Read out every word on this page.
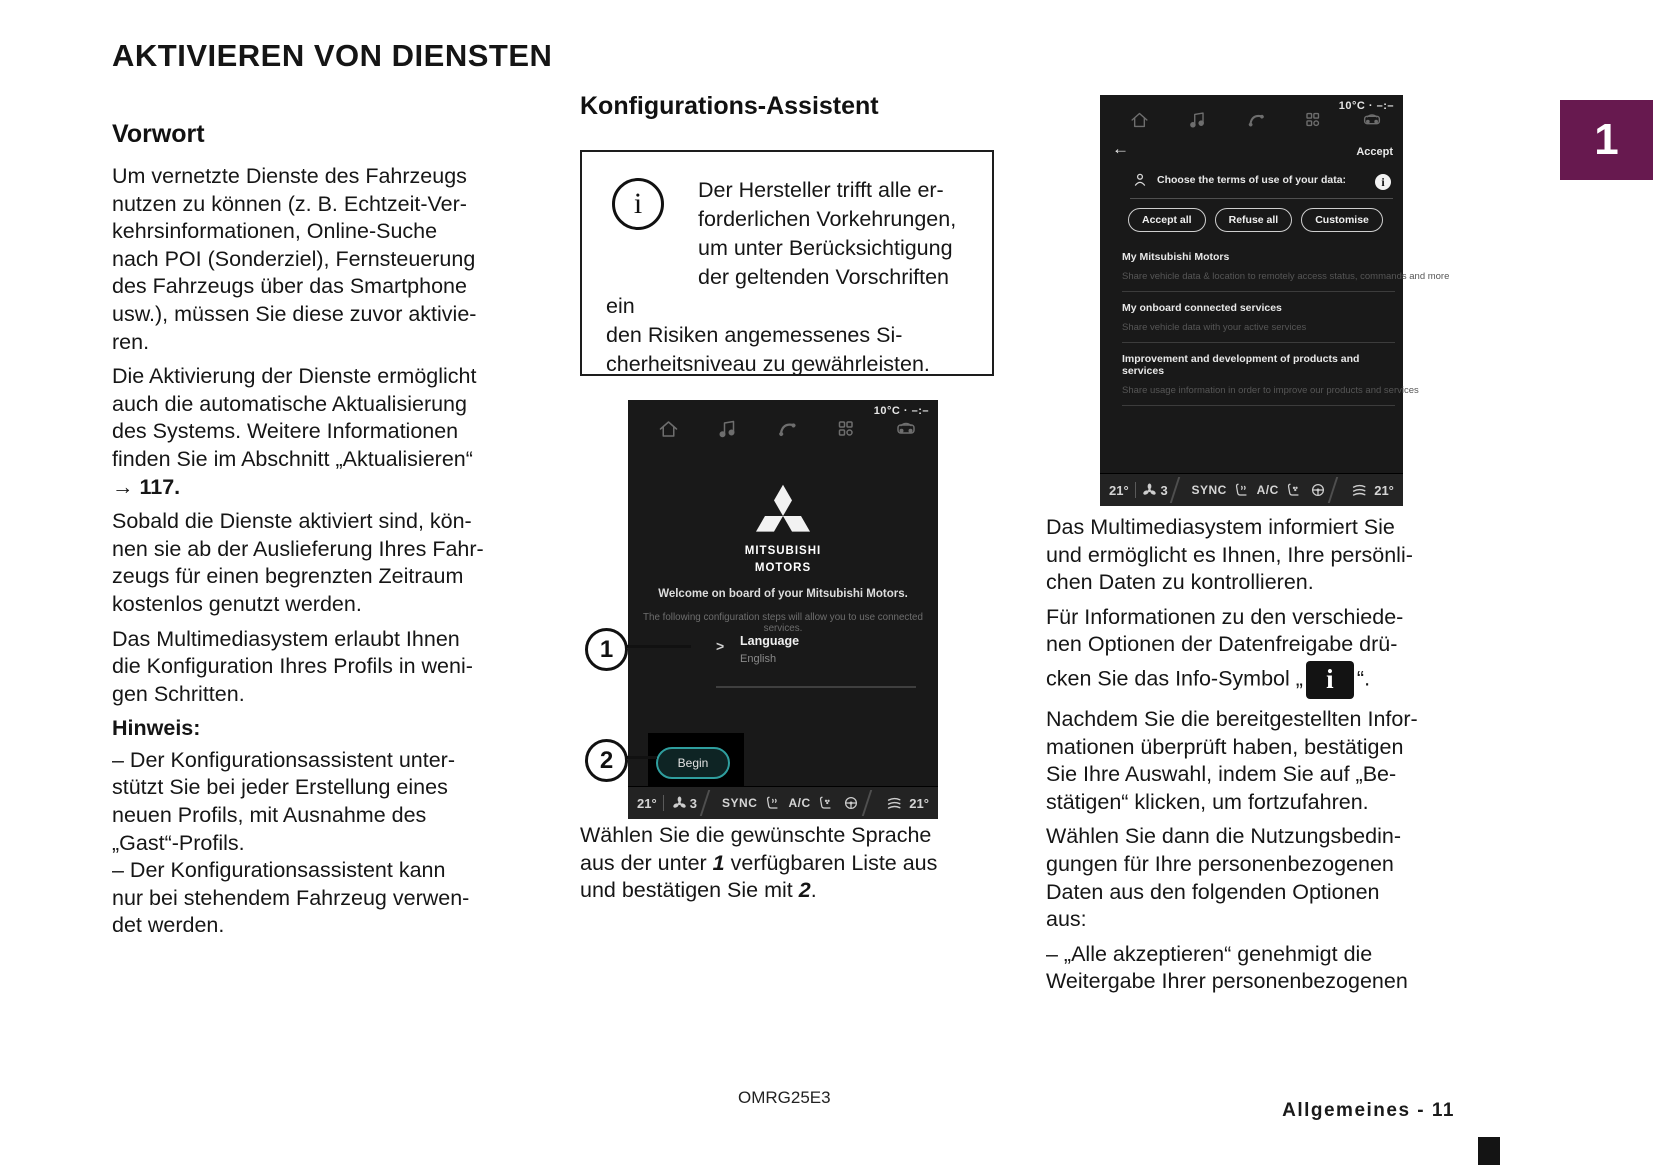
AKTIVIEREN VON DIENSTEN
1
Vorwort

Um vernetzte Dienste des Fahrzeugs
nutzen zu können (z. B. Echtzeit-Ver-
kehrsinformationen, Online-Suche
nach POI (Sonderziel), Fernsteuerung
des Fahrzeugs über das Smartphone
usw.), müssen Sie diese zuvor aktivie-
ren.

Die Aktivierung der Dienste ermöglicht
auch die automatische Aktualisierung
des Systems. Weitere Informationen
finden Sie im Abschnitt „Aktualisieren“
→ 117.

Sobald die Dienste aktiviert sind, kön-
nen sie ab der Auslieferung Ihres Fahr-
zeugs für einen begrenzten Zeitraum
kostenlos genutzt werden.

Das Multimediasystem erlaubt Ihnen
die Konfiguration Ihres Profils in weni-
gen Schritten.

Hinweis:

– Der Konfigurationsassistent unter-
stützt Sie bei jeder Erstellung eines
neuen Profils, mit Ausnahme des
„Gast“-Profils.

– Der Konfigurationsassistent kann
nur bei stehendem Fahrzeug verwen-
det werden.

Konfigurations-Assistent
i	Der Hersteller trifft alle er-
forderlichen Vorkehrungen,
um unter Berücksichtigung
der geltenden Vorschriften ein
den Risiken angemessenes Si-
cherheitsniveau zu gewährleisten.
10°C · –:–
MITSUBISHI
MOTORS
Welcome on board of your Mitsubishi Motors.
The following configuration steps will allow you to use connected services.
> Language
English
Begin
21°	3 SYNC	A/C	21°
1
2
Wählen Sie die gewünschte Sprache
aus der unter 1 verfügbaren Liste aus
und bestätigen Sie mit 2.
10°C · –:–
←	Accept
Choose the terms of use of your data:	i
Accept all	Refuse all	Customise
My Mitsubishi Motors
Share vehicle data & location to remotely access status, commands and more
My onboard connected services
Share vehicle data with your active services
Improvement and development of products and services
Share usage information in order to improve our products and services
21° 3 SYNC A/C	21°

Das Multimediasystem informiert Sie
und ermöglicht es Ihnen, Ihre persönli-
chen Daten zu kontrollieren.

Für Informationen zu den verschiede-
nen Optionen der Datenfreigabe drü-

cken Sie das Info-Symbol „ i “.

Nachdem Sie die bereitgestellten Infor-
mationen überprüft haben, bestätigen
Sie Ihre Auswahl, indem Sie auf „Be-
stätigen“ klicken, um fortzufahren.

Wählen Sie dann die Nutzungsbedin-
gungen für Ihre personenbezogenen
Daten aus den folgenden Optionen
aus:

– „Alle akzeptieren“ genehmigt die
Weitergabe Ihrer personenbezogenen

OMRG25E3
Allgemeines - 11
